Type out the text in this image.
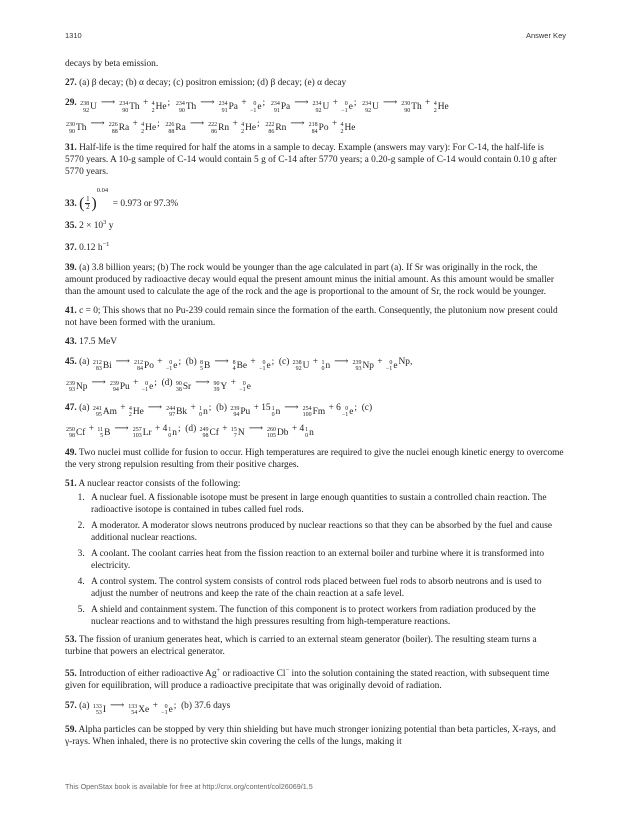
1310	Answer Key

decays by beta emission.

27. (a) β decay; (b) α decay; (c) positron emission; (d) β decay; (e) α decay

29. 238
92 U ⟶ 234
90 Th + 4
2 He ; 234
90 Th ⟶ 234
91 Pa + 0
−1 e ; 234
91 Pa ⟶ 234
92 U + 0
−1 e ; 234
92 U ⟶ 230
90 Th + 4
2 He
230
90 Th ⟶ 226
88 Ra + 4
2 He ; 226
88 Ra ⟶ 222
86 Rn + 4
2 He ; 222
86 Rn ⟶ 218
84 Po + 4
2 He

31. Half-life is the time required for half the atoms in a sample to decay. Example (answers may vary): For C-14, the half-life is 5770 years. A 10-g sample of C-14 would contain 5 g of C-14 after 5770 years; a 0.20-g sample of C-14 would contain 0.10 g after 5770 years.

33. ( $\frac{1}{2} )^{0.04} = 0.973$ or 97.3%

35. $2 \times 10^3$ y

37. 0.12 $h^{-1}$

39. (a) 3.8 billion years; (b) The rock would be younger than the age calculated in part (a). If Sr was originally in the rock, the amount produced by radioactive decay would equal the present amount minus the initial amount. As this amount would be smaller than the amount used to calculate the age of the rock and the age is proportional to the amount of Sr, the rock would be younger.

41. c = 0; This shows that no Pu-239 could remain since the formation of the earth. Consequently, the plutonium now present could not have been formed with the uranium.

43. 17.5 MeV

45. (a) 212
83 Bi ⟶ 212
84 Po + 0
−1 e ;  (b) 8
5 B ⟶ 8
4 Be + 0
−1 e ;  (c) 238
92 U + 1
0 n ⟶ 239
93 Np + 0
−1 e Np,
239
93 Np ⟶ 239
94 Pu + 0
−1 e ;  (d) 90
38 Sr ⟶ 90
39 Y + 0
−1 e
47. (a) 241
95 Am + 4
2 He ⟶ 244
97 Bk + 1
0 n ;  (b) 239
94 Pu + 15 1
0 n ⟶ 254
100 Fm + 6 0
−1 e ;  (c)
250
98 Cf + 11
5 B ⟶ 257
103 Lr + 4 1
0 n ;  (d) 249
98 Cf + 15
7 N ⟶ 260
105 Db + 4 1
0 n

49. Two nuclei must collide for fusion to occur. High temperatures are required to give the nuclei enough kinetic energy to overcome the very strong repulsion resulting from their positive charges.

51. A nuclear reactor consists of the following:
1. A nuclear fuel. A fissionable isotope must be present in large enough quantities to sustain a controlled chain reaction. The radioactive isotope is contained in tubes called fuel rods.
2. A moderator. A moderator slows neutrons produced by nuclear reactions so that they can be absorbed by the fuel and cause additional nuclear reactions.
3. A coolant. The coolant carries heat from the fission reaction to an external boiler and turbine where it is transformed into electricity.
4. A control system. The control system consists of control rods placed between fuel rods to absorb neutrons and is used to adjust the number of neutrons and keep the rate of the chain reaction at a safe level.
5. A shield and containment system. The function of this component is to protect workers from radiation produced by the nuclear reactions and to withstand the high pressures resulting from high-temperature reactions.

53. The fission of uranium generates heat, which is carried to an external steam generator (boiler). The resulting steam turns a turbine that powers an electrical generator.

55. Introduction of either radioactive Ag+ or radioactive Cl− into the solution containing the stated reaction, with subsequent time given for equilibration, will produce a radioactive precipitate that was originally devoid of radiation.

57. (a) 133
53 I ⟶ 133
54 Xe + 0
−1 e ;  (b) 37.6 days

59. Alpha particles can be stopped by very thin shielding but have much stronger ionizing potential than beta particles, X-rays, and γ-rays. When inhaled, there is no protective skin covering the cells of the lungs, making it

This OpenStax book is available for free at http://cnx.org/content/col26069/1.5
